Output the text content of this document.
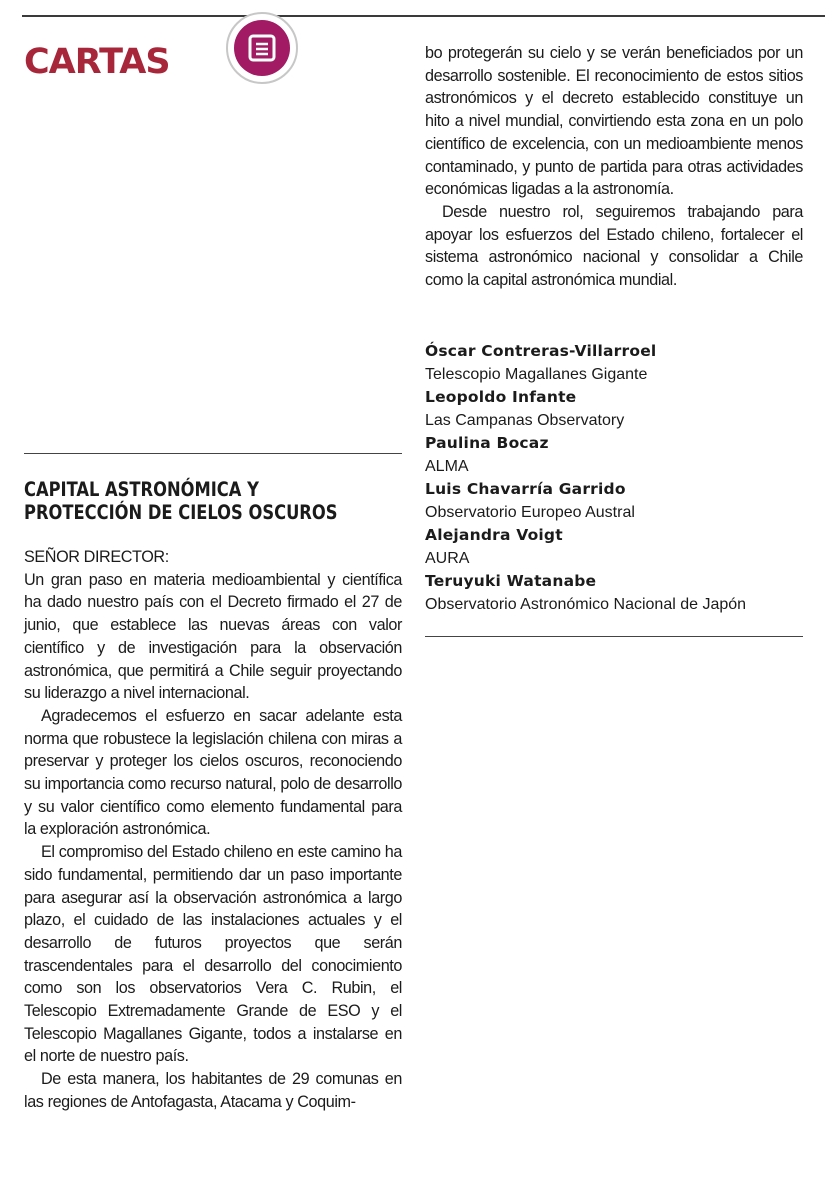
CARTAS
CAPITAL ASTRONÓMICA Y PROTECCIÓN DE CIELOS OSCUROS

SEÑOR DIRECTOR:

Un gran paso en materia medioambiental y científica ha dado nuestro país con el Decreto firmado el 27 de junio, que establece las nuevas áreas con valor científico y de investigación para la observación astronómica, que permitirá a Chile seguir proyectando su liderazgo a nivel internacional.

Agradecemos el esfuerzo en sacar adelante esta norma que robustece la legislación chilena con miras a preservar y proteger los cielos oscuros, reconociendo su importancia como recurso natural, polo de desarrollo y su valor científico como elemento fundamental para la exploración astronómica.

El compromiso del Estado chileno en este camino ha sido fundamental, permitiendo dar un paso importante para asegurar así la observación astronómica a largo plazo, el cuidado de las instalaciones actuales y el desarrollo de futuros proyectos que serán trascendentales para el desarrollo del conocimiento como son los observatorios Vera C. Rubin, el Telescopio Extremadamente Grande de ESO y el Telescopio Magallanes Gigante, todos a instalarse en el norte de nuestro país.

De esta manera, los habitantes de 29 comunas en las regiones de Antofagasta, Atacama y Coquim-

bo protegerán su cielo y se verán beneficiados por un desarrollo sostenible. El reconocimiento de estos sitios astronómicos y el decreto establecido constituye un hito a nivel mundial, convirtiendo esta zona en un polo científico de excelencia, con un medioambiente menos contaminado, y punto de partida para otras actividades económicas ligadas a la astronomía.

Desde nuestro rol, seguiremos trabajando para apoyar los esfuerzos del Estado chileno, fortalecer el sistema astronómico nacional y consolidar a Chile como la capital astronómica mundial.

Óscar Contreras-Villarroel
Telescopio Magallanes Gigante
Leopoldo Infante
Las Campanas Observatory
Paulina Bocaz
ALMA
Luis Chavarría Garrido
Observatorio Europeo Austral
Alejandra Voigt
AURA
Teruyuki Watanabe
Observatorio Astronómico Nacional de Japón
